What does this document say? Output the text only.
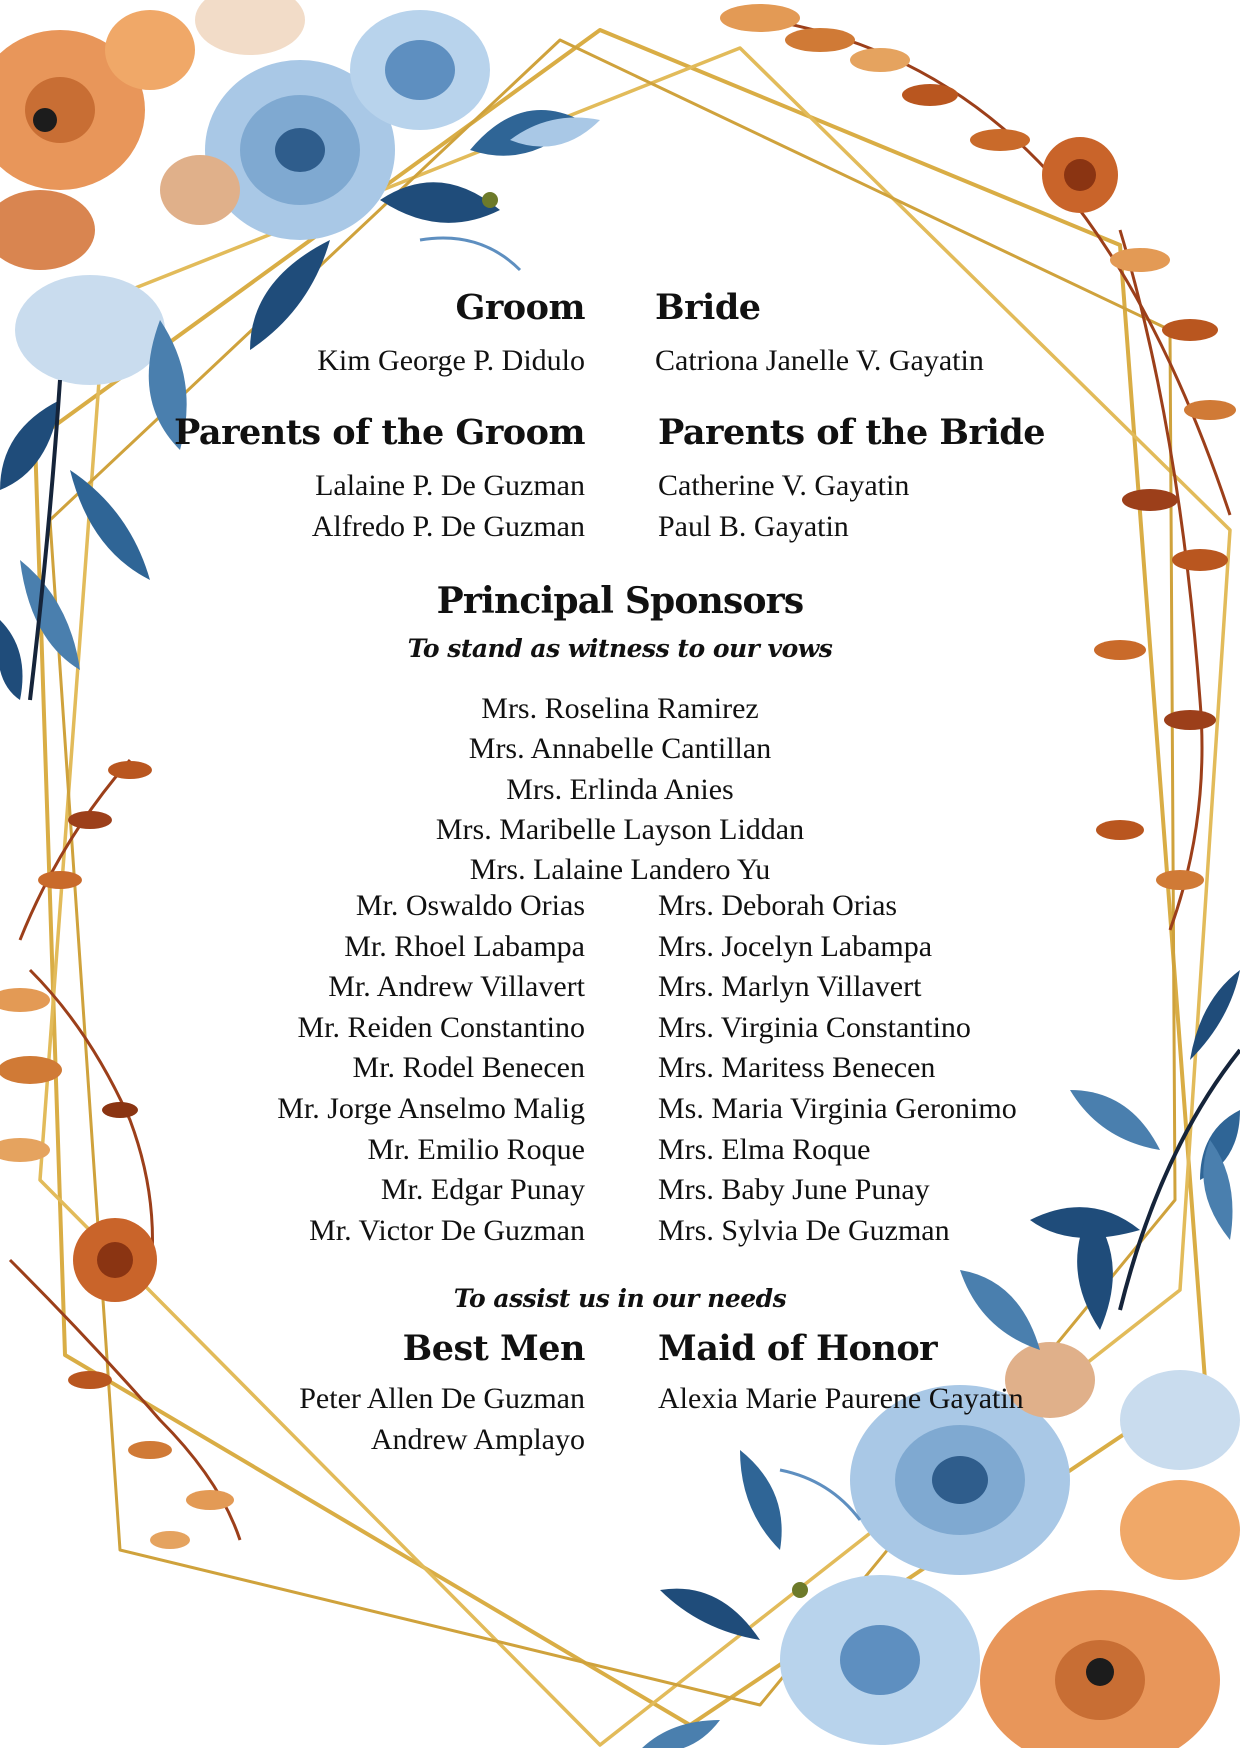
Groom
Kim George P. Didulo
Bride
Catriona Janelle V. Gayatin
Parents of the Groom
Lalaine P. De Guzman
Alfredo P. De Guzman
Parents of the Bride
Catherine V. Gayatin
Paul B. Gayatin
Principal Sponsors
To stand as witness to our vows
Mrs. Roselina Ramirez
Mrs. Annabelle Cantillan
Mrs. Erlinda Anies
Mrs. Maribelle Layson Liddan
Mrs. Lalaine Landero Yu
Mr. Oswaldo Orias
Mr. Rhoel Labampa
Mr. Andrew Villavert
Mr. Reiden Constantino
Mr. Rodel Benecen
Mr. Jorge Anselmo Malig
Mr. Emilio Roque
Mr. Edgar Punay
Mr. Victor De Guzman
Mrs. Deborah Orias
Mrs. Jocelyn Labampa
Mrs. Marlyn Villavert
Mrs. Virginia Constantino
Mrs. Maritess Benecen
Ms. Maria Virginia Geronimo
Mrs. Elma Roque
Mrs. Baby June Punay
Mrs. Sylvia De Guzman
To assist us in our needs
Best Men
Peter Allen De Guzman
Andrew Amplayo
Maid of Honor
Alexia Marie Paurene Gayatin
